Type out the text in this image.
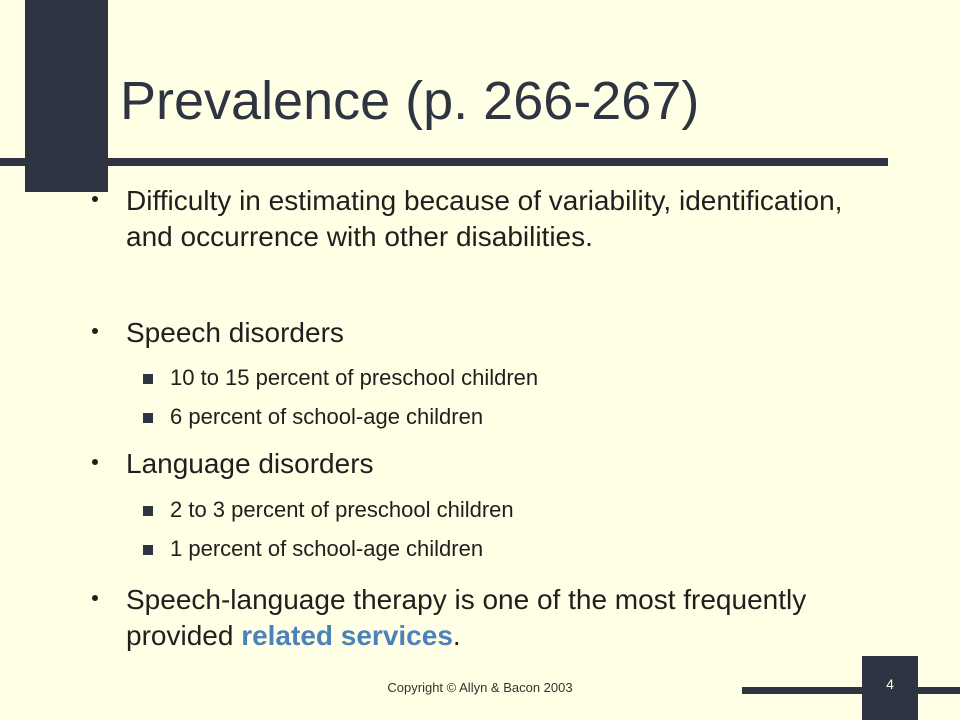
Prevalence (p. 266-267)
Difficulty in estimating because of variability, identification, and occurrence with other disabilities.
Speech disorders
10 to 15 percent of preschool children
6 percent of school-age children
Language disorders
2 to 3 percent of preschool children
1 percent of school-age children
Speech-language therapy is one of the most frequently provided related services.
Copyright © Allyn & Bacon 2003	4
